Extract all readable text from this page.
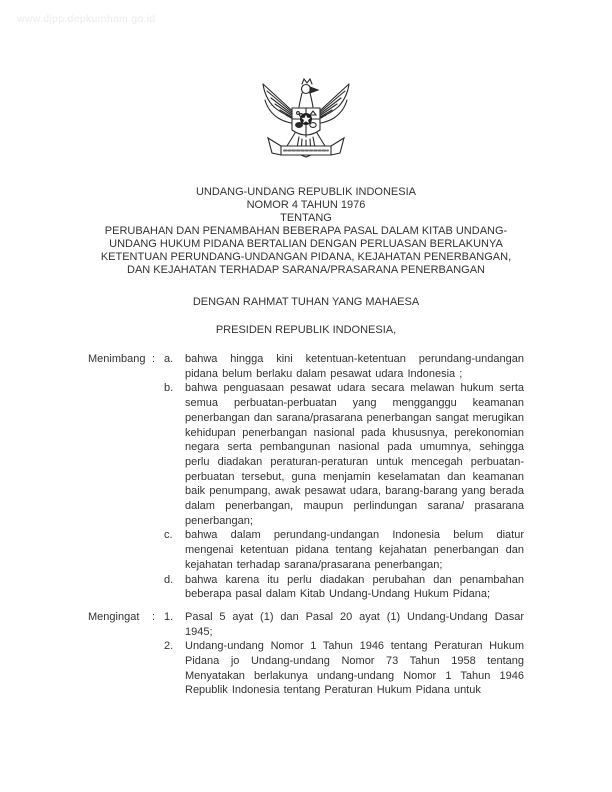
www.djpp.depkumham.go.id
UNDANG-UNDANG REPUBLIK INDONESIA
NOMOR 4 TAHUN 1976
TENTANG
PERUBAHAN DAN PENAMBAHAN BEBERAPA PASAL DALAM KITAB UNDANG-
UNDANG HUKUM PIDANA BERTALIAN DENGAN PERLUASAN BERLAKUNYA
KETENTUAN PERUNDANG-UNDANGAN PIDANA, KEJAHATAN PENERBANGAN,
DAN KEJAHATAN TERHADAP SARANA/PRASARANA PENERBANGAN
DENGAN RAHMAT TUHAN YANG MAHAESA
PRESIDEN REPUBLIK INDONESIA,
Menimbang : a.	bahwa hingga kini ketentuan-ketentuan perundang-undangan pidana belum berlaku dalam pesawat udara Indonesia ;
b.	bahwa penguasaan pesawat udara secara melawan hukum serta semua perbuatan-perbuatan yang mengganggu keamanan penerbangan dan sarana/prasarana penerbangan sangat merugikan kehidupan penerbangan nasional pada khususnya, perekonomian negara serta pembangunan nasional pada umumnya, sehingga perlu diadakan peraturan-peraturan untuk mencegah perbuatan-perbuatan tersebut, guna menjamin keselamatan dan keamanan baik penumpang, awak pesawat udara, barang-barang yang berada dalam penerbangan, maupun perlindungan sarana/ prasarana penerbangan;
c.	bahwa dalam perundang-undangan Indonesia belum diatur mengenai ketentuan pidana tentang kejahatan penerbangan dan kejahatan terhadap sarana/prasarana penerbangan;
d.	bahwa karena itu perlu diadakan perubahan dan penambahan beberapa pasal dalam Kitab Undang-Undang Hukum Pidana;
Mengingat	: 1.	Pasal 5 ayat (1) dan Pasal 20 ayat (1) Undang-Undang Dasar 1945;
2.	Undang-undang Nomor 1 Tahun 1946 tentang Peraturan Hukum Pidana jo Undang-undang Nomor 73 Tahun 1958 tentang Menyatakan berlakunya undang-undang Nomor 1 Tahun 1946 Republik Indonesia tentang Peraturan Hukum Pidana untuk
